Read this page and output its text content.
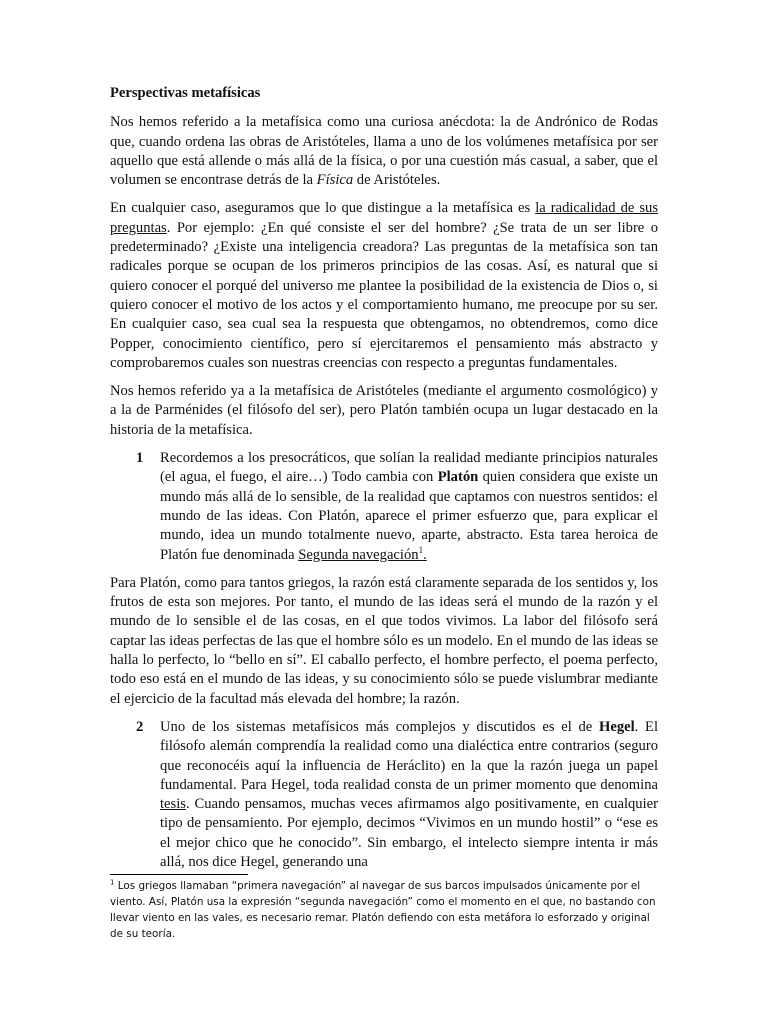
Perspectivas metafísicas

Nos hemos referido a la metafísica como una curiosa anécdota: la de Andrónico de Rodas que, cuando ordena las obras de Aristóteles, llama a uno de los volúmenes metafísica por ser aquello que está allende o más allá de la física, o por una cuestión más casual, a saber, que el volumen se encontrase detrás de la Física de Aristóteles.

En cualquier caso, aseguramos que lo que distingue a la metafísica es la radicalidad de sus preguntas. Por ejemplo: ¿En qué consiste el ser del hombre? ¿Se trata de un ser libre o predeterminado? ¿Existe una inteligencia creadora? Las preguntas de la metafísica son tan radicales porque se ocupan de los primeros principios de las cosas. Así, es natural que si quiero conocer el porqué del universo me plantee la posibilidad de la existencia de Dios o, si quiero conocer el motivo de los actos y el comportamiento humano, me preocupe por su ser. En cualquier caso, sea cual sea la respuesta que obtengamos, no obtendremos, como dice Popper, conocimiento científico, pero sí ejercitaremos el pensamiento más abstracto y comprobaremos cuales son nuestras creencias con respecto a preguntas fundamentales.

Nos hemos referido ya a la metafísica de Aristóteles (mediante el argumento cosmológico) y a la de Parménides (el filósofo del ser), pero Platón también ocupa un lugar destacado en la historia de la metafísica.

1 Recordemos a los presocráticos, que solían la realidad mediante principios naturales (el agua, el fuego, el aire…) Todo cambia con Platón quien considera que existe un mundo más allá de lo sensible, de la realidad que captamos con nuestros sentidos: el mundo de las ideas. Con Platón, aparece el primer esfuerzo que, para explicar el mundo, idea un mundo totalmente nuevo, aparte, abstracto. Esta tarea heroica de Platón fue denominada Segunda navegación$^1$.

Para Platón, como para tantos griegos, la razón está claramente separada de los sentidos y, los frutos de esta son mejores. Por tanto, el mundo de las ideas será el mundo de la razón y el mundo de lo sensible el de las cosas, en el que todos vivimos. La labor del filósofo será captar las ideas perfectas de las que el hombre sólo es un modelo. En el mundo de las ideas se halla lo perfecto, lo “bello en sí”. El caballo perfecto, el hombre perfecto, el poema perfecto, todo eso está en el mundo de las ideas, y su conocimiento sólo se puede vislumbrar mediante el ejercicio de la facultad más elevada del hombre; la razón.

2 Uno de los sistemas metafísicos más complejos y discutidos es el de Hegel. El filósofo alemán comprendía la realidad como una dialéctica entre contrarios (seguro que reconocéis aquí la influencia de Heráclito) en la que la razón juega un papel fundamental. Para Hegel, toda realidad consta de un primer momento que denomina tesis. Cuando pensamos, muchas veces afirmamos algo positivamente, en cualquier tipo de pensamiento. Por ejemplo, decimos “Vivimos en un mundo hostil” o “ese es el mejor chico que he conocido”. Sin embargo, el intelecto siempre intenta ir más allá, nos dice Hegel, generando una
$^1$ Los griegos llamaban “primera navegación” al navegar de sus barcos impulsados únicamente por el viento. Así, Platón usa la expresión “segunda navegación” como el momento en el que, no bastando con llevar viento en las vales, es necesario remar. Platón defiendo con esta metáfora lo esforzado y original de su teoría.
